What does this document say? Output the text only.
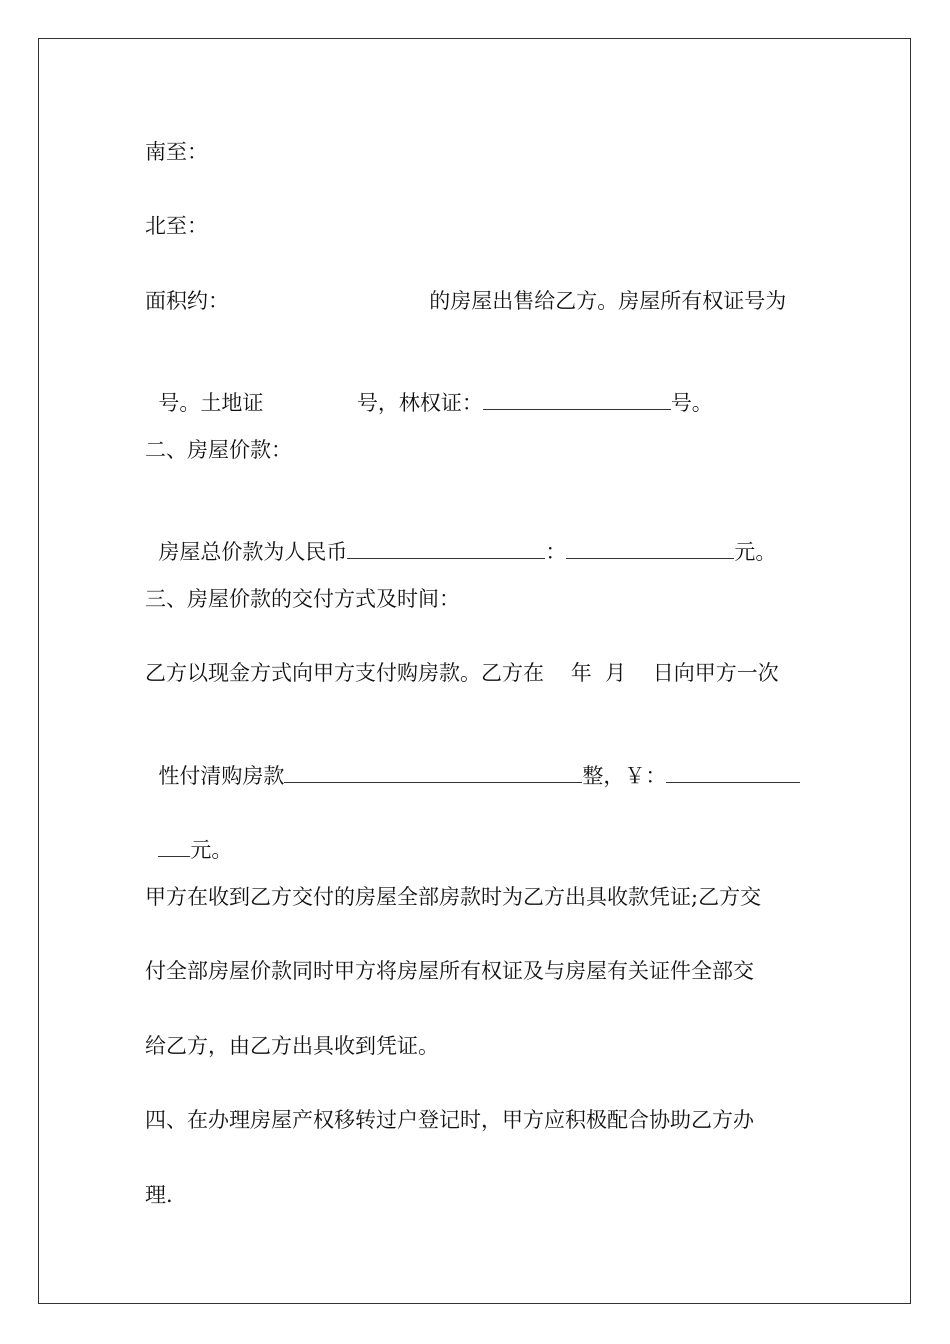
南至：
北至：
面积约：                              的房屋出售给乙方。房屋所有权证号为

号。土地证              号，林权证：	号。

二、房屋价款：

房屋总价款为人民币	：	元。

三、房屋价款的交付方式及时间：
乙方以现金方式向甲方支付购房款。乙方在    年  月    日向甲方一次

性付清购房款	整，￥：

元。

甲方在收到乙方交付的房屋全部房款时为乙方出具收款凭证;乙方交
付全部房屋价款同时甲方将房屋所有权证及与房屋有关证件全部交
给乙方，由乙方出具收到凭证。
四、在办理房屋产权移转过户登记时，甲方应积极配合协助乙方办
理.
